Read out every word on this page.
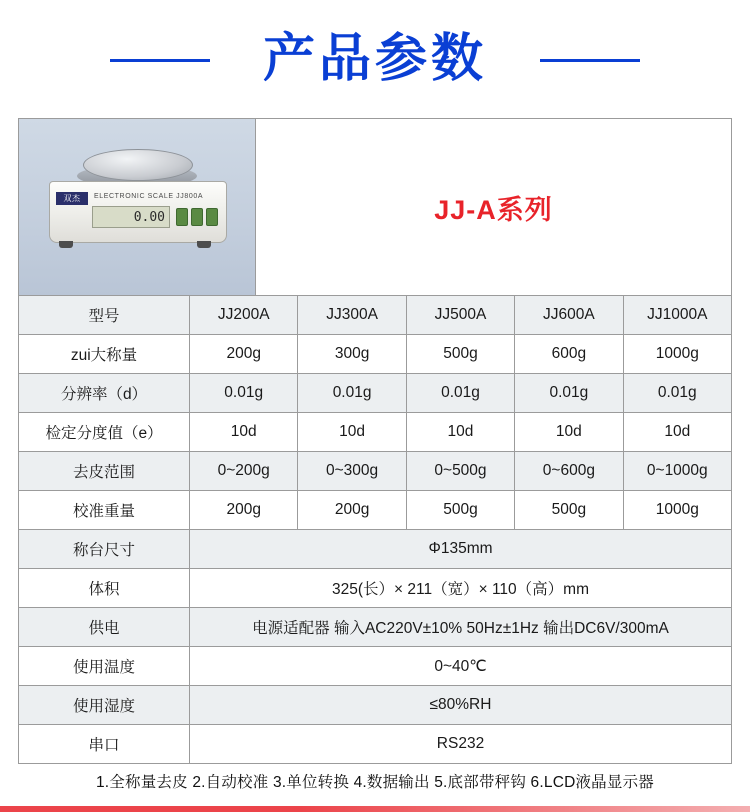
产品参数
双杰	ELECTRONIC SCALE JJ800A
0.00	JJ-A系列
型号	JJ200A	JJ300A	JJ500A	JJ600A	JJ1000A
zui大称量	200g	300g	500g	600g	1000g
分辨率（d）	0.01g	0.01g	0.01g	0.01g	0.01g
检定分度值（e）	10d	10d	10d	10d	10d
去皮范围	0~200g	0~300g	0~500g	0~600g	0~1000g
校准重量	200g	200g	500g	500g	1000g
称台尺寸	Φ135mm				
体积	325(长）× 211（宽）× 110（高）mm				
供电	电源适配器 输入AC220V±10% 50Hz±1Hz 输出DC6V/300mA				
使用温度	0~40℃				
使用湿度	≤80%RH				
串口	RS232				
1.全称量去皮 2.自动校准 3.单位转换 4.数据输出 5.底部带秤钩 6.LCD液晶显示器
